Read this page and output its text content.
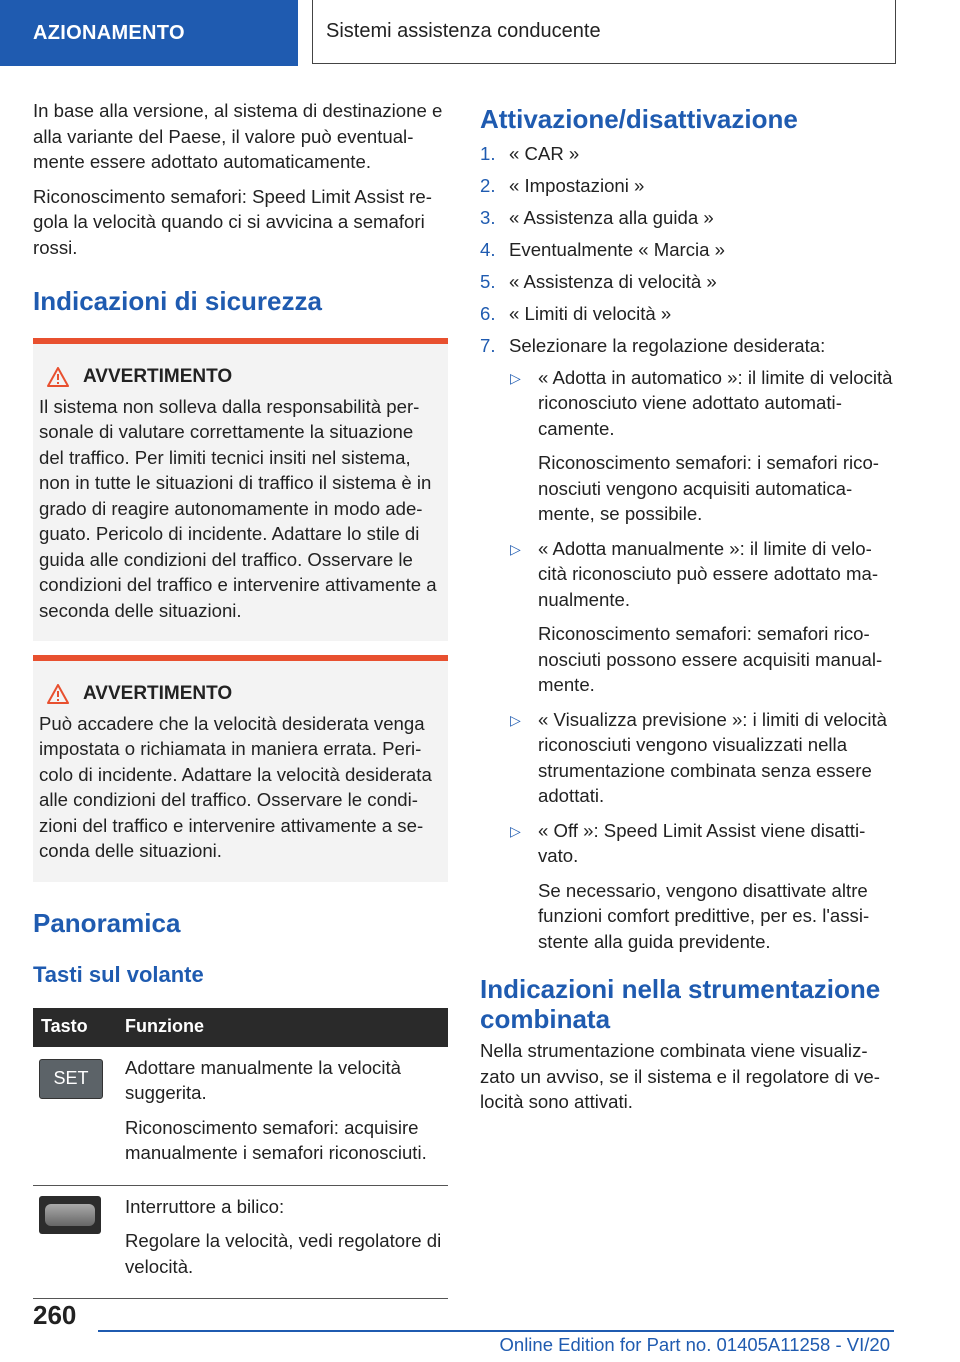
AZIONAMENTO	Sistemi assistenza conducente

In base alla versione, al sistema di destinazione e alla variante del Paese, il valore può eventualmente essere adottato automaticamente.

Riconoscimento semafori: Speed Limit Assist regola la velocità quando ci si avvicina a semafori rossi.

Indicazioni di sicurezza
AVVERTIMENTO

Il sistema non solleva dalla responsabilità personale di valutare correttamente la situazione del traffico. Per limiti tecnici insiti nel sistema, non in tutte le situazioni di traffico il sistema è in grado di reagire autonomamente in modo adeguato. Pericolo di incidente. Adattare lo stile di guida alle condizioni del traffico. Osservare le condizioni del traffico e intervenire attivamente a seconda delle situazioni.

AVVERTIMENTO

Può accadere che la velocità desiderata venga impostata o richiamata in maniera errata. Pericolo di incidente. Adattare la velocità desiderata alle condizioni del traffico. Osservare le condizioni del traffico e intervenire attivamente a seconda delle situazioni.

Panoramica
Tasti sul volante
Tasto	Funzione

SET	Adottare manualmente la velocità suggerita.

Riconoscimento semafori: acquisire manualmente i semafori riconosciuti.

	Interruttore a bilico:

Regolare la velocità, vedi regolatore di velocità.

Attivazione/disattivazione
1. « CAR »
2. « Impostazioni »
3. « Assistenza alla guida »
4. Eventualmente « Marcia »
5. « Assistenza di velocità »
6. « Limiti di velocità »
7. Selezionare la regolazione desiderata:
▷ « Adotta in automatico »: il limite di velocità riconosciuto viene adottato automaticamente.

Riconoscimento semafori: i semafori riconosciuti vengono acquisiti automaticamente, se possibile.

▷ « Adotta manualmente »: il limite di velocità riconosciuto può essere adottato manualmente.

Riconoscimento semafori: semafori riconosciuti possono essere acquisiti manualmente.

▷ « Visualizza previsione »: i limiti di velocità riconosciuti vengono visualizzati nella strumentazione combinata senza essere adottati.

▷ « Off »: Speed Limit Assist viene disattivato.

Se necessario, vengono disattivate altre funzioni comfort predittive, per es. l'assistente alla guida previdente.

Indicazioni nella strumentazione combinata

Nella strumentazione combinata viene visualizzato un avviso, se il sistema e il regolatore di velocità sono attivati.

260
Online Edition for Part no. 01405A11258 - VI/20
